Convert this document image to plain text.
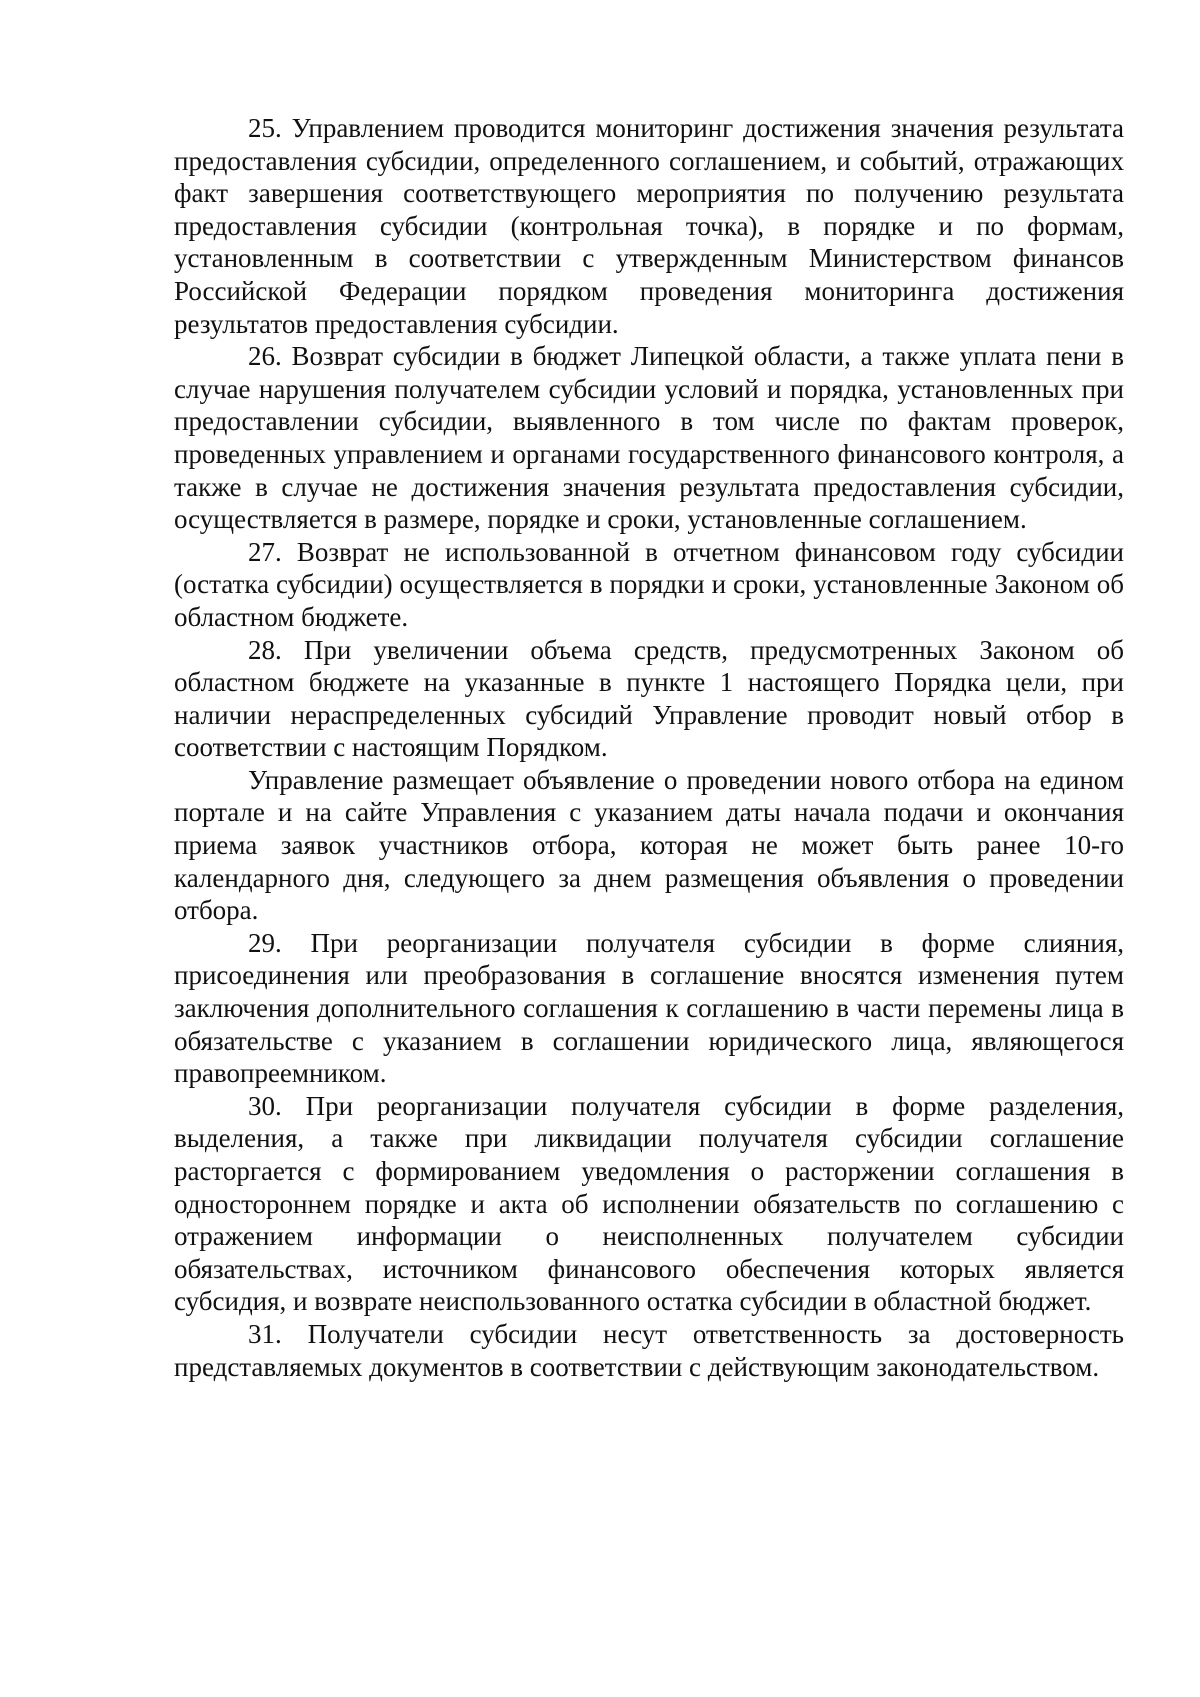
25. Управлением проводится мониторинг достижения значения результата предоставления субсидии, определенного соглашением, и событий, отражающих факт завершения соответствующего мероприятия по получению результата предоставления субсидии (контрольная точка), в порядке и по формам, установленным в соответствии с утвержденным Министерством финансов Российской Федерации порядком проведения мониторинга достижения результатов предоставления субсидии.

26. Возврат субсидии в бюджет Липецкой области, а также уплата пени в случае нарушения получателем субсидии условий и порядка, установленных при предоставлении субсидии, выявленного в том числе по фактам проверок, проведенных управлением и органами государственного финансового контроля, а также в случае не достижения значения результата предоставления субсидии, осуществляется в размере, порядке и сроки, установленные соглашением.

27. Возврат не использованной в отчетном финансовом году субсидии (остатка субсидии) осуществляется в порядки и сроки, установленные Законом об областном бюджете.

28. При увеличении объема средств, предусмотренных Законом об областном бюджете на указанные в пункте 1 настоящего Порядка цели, при наличии нераспределенных субсидий Управление проводит новый отбор в соответствии с настоящим Порядком.

Управление размещает объявление о проведении нового отбора на едином портале и на сайте Управления с указанием даты начала подачи и окончания приема заявок участников отбора, которая не может быть ранее 10-го календарного дня, следующего за днем размещения объявления о проведении отбора.

29. При реорганизации получателя субсидии в форме слияния, присоединения или преобразования в соглашение вносятся изменения путем заключения дополнительного соглашения к соглашению в части перемены лица в обязательстве с указанием в соглашении юридического лица, являющегося правопреемником.

30. При реорганизации получателя субсидии в форме разделения, выделения, а также при ликвидации получателя субсидии соглашение расторгается с формированием уведомления о расторжении соглашения в одностороннем порядке и акта об исполнении обязательств по соглашению с отражением информации о неисполненных получателем субсидии обязательствах, источником финансового обеспечения которых является субсидия, и возврате неиспользованного остатка субсидии в областной бюджет.

31. Получатели субсидии несут ответственность за достоверность представляемых документов в соответствии с действующим законодательством.
